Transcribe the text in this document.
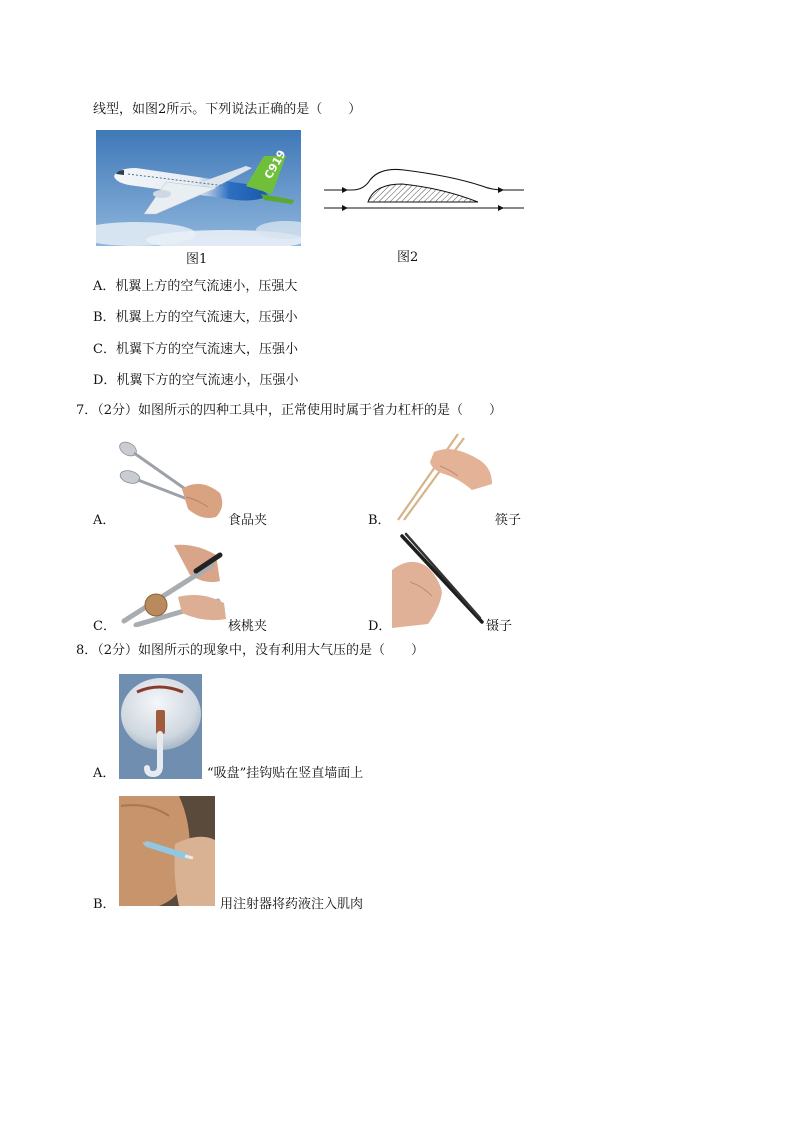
线型，如图2所示。下列说法正确的是（　　）
C919
图1	图2
A．机翼上方的空气流速小，压强大
B．机翼上方的空气流速大，压强小
C．机翼下方的空气流速大，压强小
D．机翼下方的空气流速小，压强小
7．（2分）如图所示的四种工具中，正常使用时属于省力杠杆的是（　　）
A．	食品夹	B．	筷子
C．	核桃夹	D．	镊子
8．（2分）如图所示的现象中，没有利用大气压的是（　　）
A．	“吸盘”挂钩贴在竖直墙面上
B．	用注射器将药液注入肌肉
